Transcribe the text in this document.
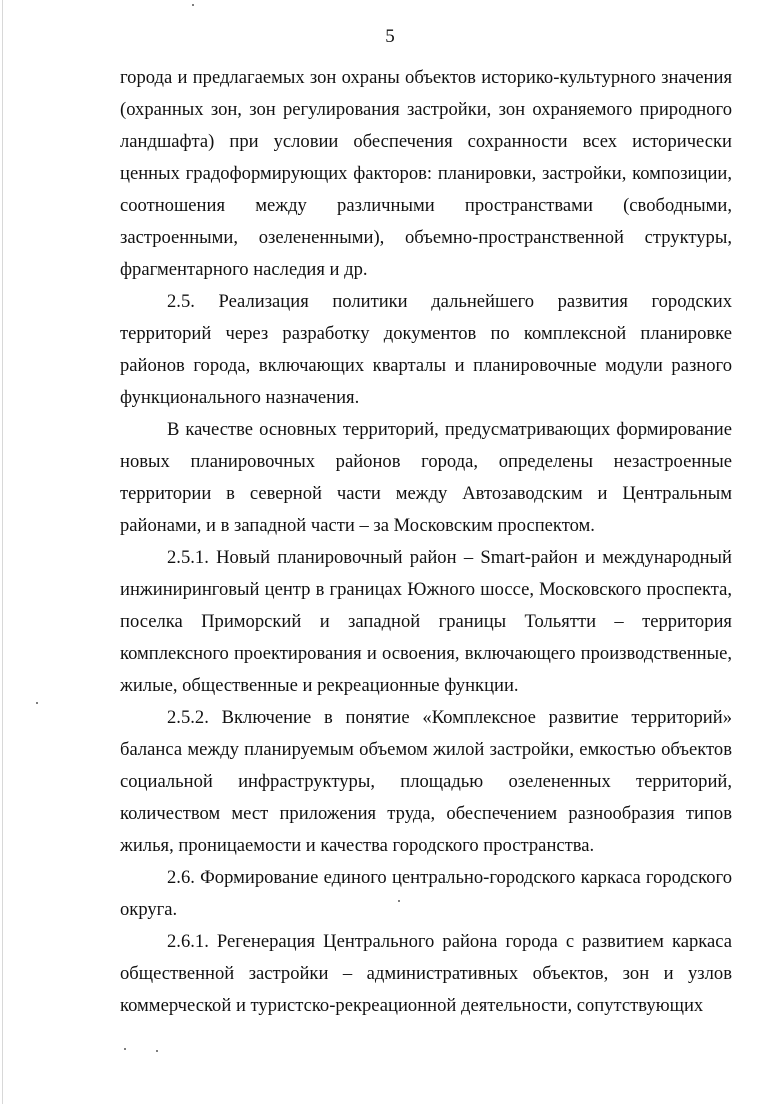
5

города и предлагаемых зон охраны объектов историко-культурного значения (охранных зон, зон регулирования застройки, зон охраняемого природного ландшафта) при условии обеспечения сохранности всех исторически ценных градоформирующих факторов: планировки, застройки, композиции, соотношения между различными пространствами (свободными, застроенными, озелененными), объемно-пространственной структуры, фрагментарного наследия и др.

2.5. Реализация политики дальнейшего развития городских территорий через разработку документов по комплексной планировке районов города, включающих кварталы и планировочные модули разного функционального назначения.

В качестве основных территорий, предусматривающих формирование новых планировочных районов города, определены незастроенные территории в северной части между Автозаводским и Центральным районами, и в западной части – за Московским проспектом.

2.5.1. Новый планировочный район – Smart-район и международный инжиниринговый центр в границах Южного шоссе, Московского проспекта, поселка Приморский и западной границы Тольятти – территория комплексного проектирования и освоения, включающего производственные, жилые, общественные и рекреационные функции.

2.5.2. Включение в понятие «Комплексное развитие территорий» баланса между планируемым объемом жилой застройки, емкостью объектов социальной инфраструктуры, площадью озелененных территорий, количеством мест приложения труда, обеспечением разнообразия типов жилья, проницаемости и качества городского пространства.

2.6. Формирование единого центрально-городского каркаса городского округа.

2.6.1. Регенерация Центрального района города с развитием каркаса общественной застройки – административных объектов, зон и узлов коммерческой и туристско-рекреационной деятельности, сопутствующих
